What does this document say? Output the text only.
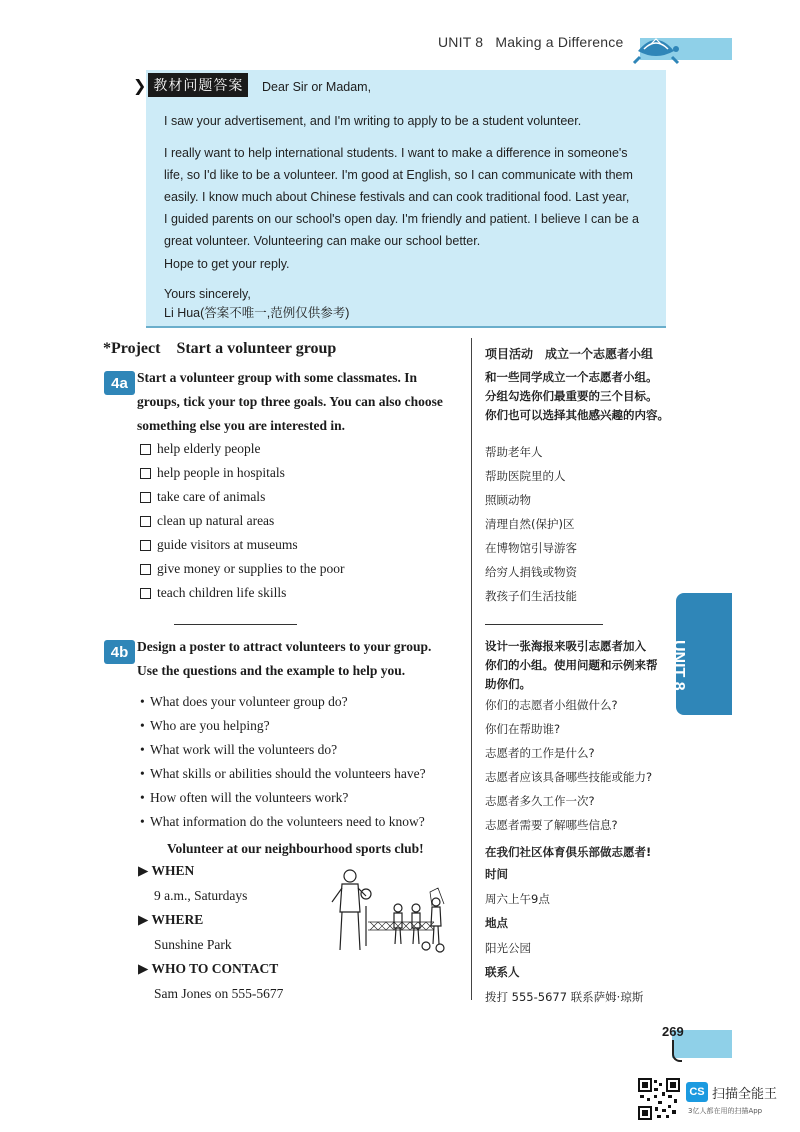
UNIT 8 Making a Difference
❯ 教材问题答案	Dear Sir or Madam,
I saw your advertisement, and I'm writing to apply to be a student volunteer.
I really want to help international students. I want to make a difference in someone's
life, so I'd like to be a volunteer. I'm good at English, so I can communicate with them
easily. I know much about Chinese festivals and can cook traditional food. Last year,
I guided parents on our school's open day. I'm friendly and patient. I believe I can be a
great volunteer. Volunteering can make our school better.
Hope to get your reply.
Yours sincerely,
Li Hua(答案不唯一,范例仅供参考)
*Project Start a volunteer group	项目活动　成立一个志愿者小组
4a Start a volunteer group with some classmates. In
groups, tick your top three goals. You can also choose
something else you are interested in.
和一些同学成立一个志愿者小组。
分组勾选你们最重要的三个目标。
你们也可以选择其他感兴趣的内容。
help elderly people
help people in hospitals
take care of animals
clean up natural areas
guide visitors at museums
give money or supplies to the poor
teach children life skills
帮助老年人
帮助医院里的人
照顾动物
清理自然(保护)区
在博物馆引导游客
给穷人捐钱或物资
教孩子们生活技能
4b Design a poster to attract volunteers to your group.
Use the questions and the example to help you.
设计一张海报来吸引志愿者加入
你们的小组。使用问题和示例来帮
助你们。
• What does your volunteer group do?
• Who are you helping?
• What work will the volunteers do?
• What skills or abilities should the volunteers have?
• How often will the volunteers work?
• What information do the volunteers need to know?
你们的志愿者小组做什么?
你们在帮助谁?
志愿者的工作是什么?
志愿者应该具备哪些技能或能力?
志愿者多久工作一次?
志愿者需要了解哪些信息?
Volunteer at our neighbourhood sports club!	在我们社区体育俱乐部做志愿者!
▶ WHEN
9 a.m., Saturdays
▶ WHERE
Sunshine Park
▶ WHO TO CONTACT
Sam Jones on 555-5677
时间
周六上午9点
地点
阳光公园
联系人
拨打 555-5677 联系萨姆·琼斯
UNIT 8
269
CS 扫描全能王
3亿人都在用的扫描App
